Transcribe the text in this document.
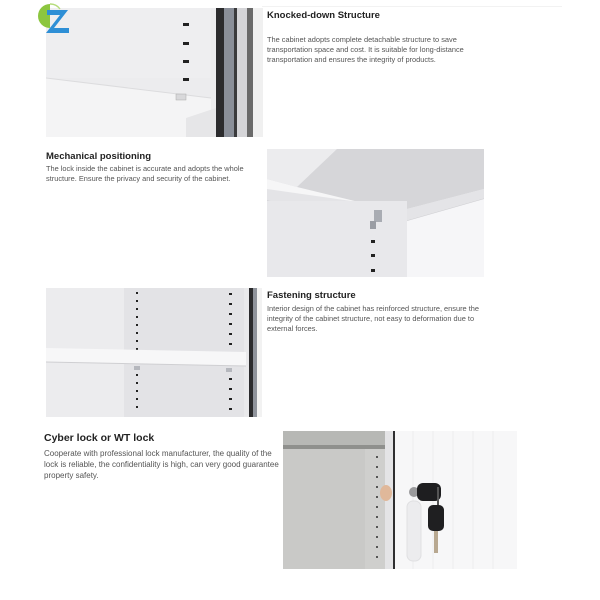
Knocked-down Structure
The cabinet adopts complete detachable structure to save transportation space and cost. It is suitable for long-distance transportation and ensures the integrity of products.
Mechanical positioning
The lock inside the cabinet is accurate and adopts the whole structure. Ensure the privacy and security of the cabinet.
Fastening structure
Interior design of the cabinet has reinforced structure, ensure the integrity of the cabinet structure, not easy to deformation due to external forces.
Cyber lock or WT lock
Cooperate with professional lock manufacturer, the quality of the lock is reliable, the confidentiality is high, can very good guarantee property safety.
